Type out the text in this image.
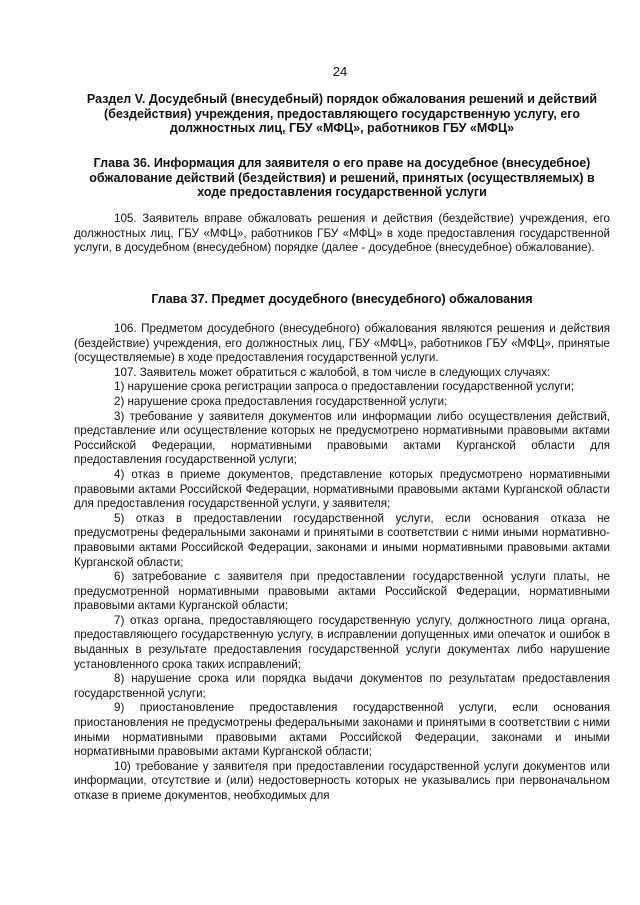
24
Раздел V. Досудебный (внесудебный) порядок обжалования решений и действий (бездействия) учреждения, предоставляющего государственную услугу, его должностных лиц, ГБУ «МФЦ», работников ГБУ «МФЦ»
Глава 36. Информация для заявителя о его праве на досудебное (внесудебное) обжалование действий (бездействия) и решений, принятых (осуществляемых) в ходе предоставления государственной услуги

105. Заявитель вправе обжаловать решения и действия (бездействие) учреждения, его должностных лиц, ГБУ «МФЦ», работников ГБУ «МФЦ» в ходе предоставления государственной услуги, в досудебном (внесудебном) порядке (далее - досудебное (внесудебное) обжалование).

Глава 37. Предмет досудебного (внесудебного) обжалования

106. Предметом досудебного (внесудебного) обжалования являются решения и действия (бездействие) учреждения, его должностных лиц, ГБУ «МФЦ», работников ГБУ «МФЦ», принятые (осуществляемые) в ходе предоставления государственной услуги.

107. Заявитель может обратиться с жалобой, в том числе в следующих случаях:

1) нарушение срока регистрации запроса о предоставлении государственной услуги;

2) нарушение срока предоставления государственной услуги;

3) требование у заявителя документов или информации либо осуществления действий, представление или осуществление которых не предусмотрено нормативными правовыми актами Российской Федерации, нормативными правовыми актами Курганской области для предоставления государственной услуги;

4) отказ в приеме документов, представление которых предусмотрено нормативными правовыми актами Российской Федерации, нормативными правовыми актами Курганской области для предоставления государственной услуги, у заявителя;

5) отказ в предоставлении государственной услуги, если основания отказа не предусмотрены федеральными законами и принятыми в соответствии с ними иными нормативно-правовыми актами Российской Федерации, законами и иными нормативными правовыми актами Курганской области;

6) затребование с заявителя при предоставлении государственной услуги платы, не предусмотренной нормативными правовыми актами Российской Федерации, нормативными правовыми актами Курганской области;

7) отказ органа, предоставляющего государственную услугу, должностного лица органа, предоставляющего государственную услугу, в исправлении допущенных ими опечаток и ошибок в выданных в результате предоставления государственной услуги документах либо нарушение установленного срока таких исправлений;

8) нарушение срока или порядка выдачи документов по результатам предоставления государственной услуги;

9) приостановление предоставления государственной услуги, если основания приостановления не предусмотрены федеральными законами и принятыми в соответствии с ними иными нормативными правовыми актами Российской Федерации, законами и иными нормативными правовыми актами Курганской области;

10) требование у заявителя при предоставлении государственной услуги документов или информации, отсутствие и (или) недостоверность которых не указывались при первоначальном отказе в приеме документов, необходимых для
